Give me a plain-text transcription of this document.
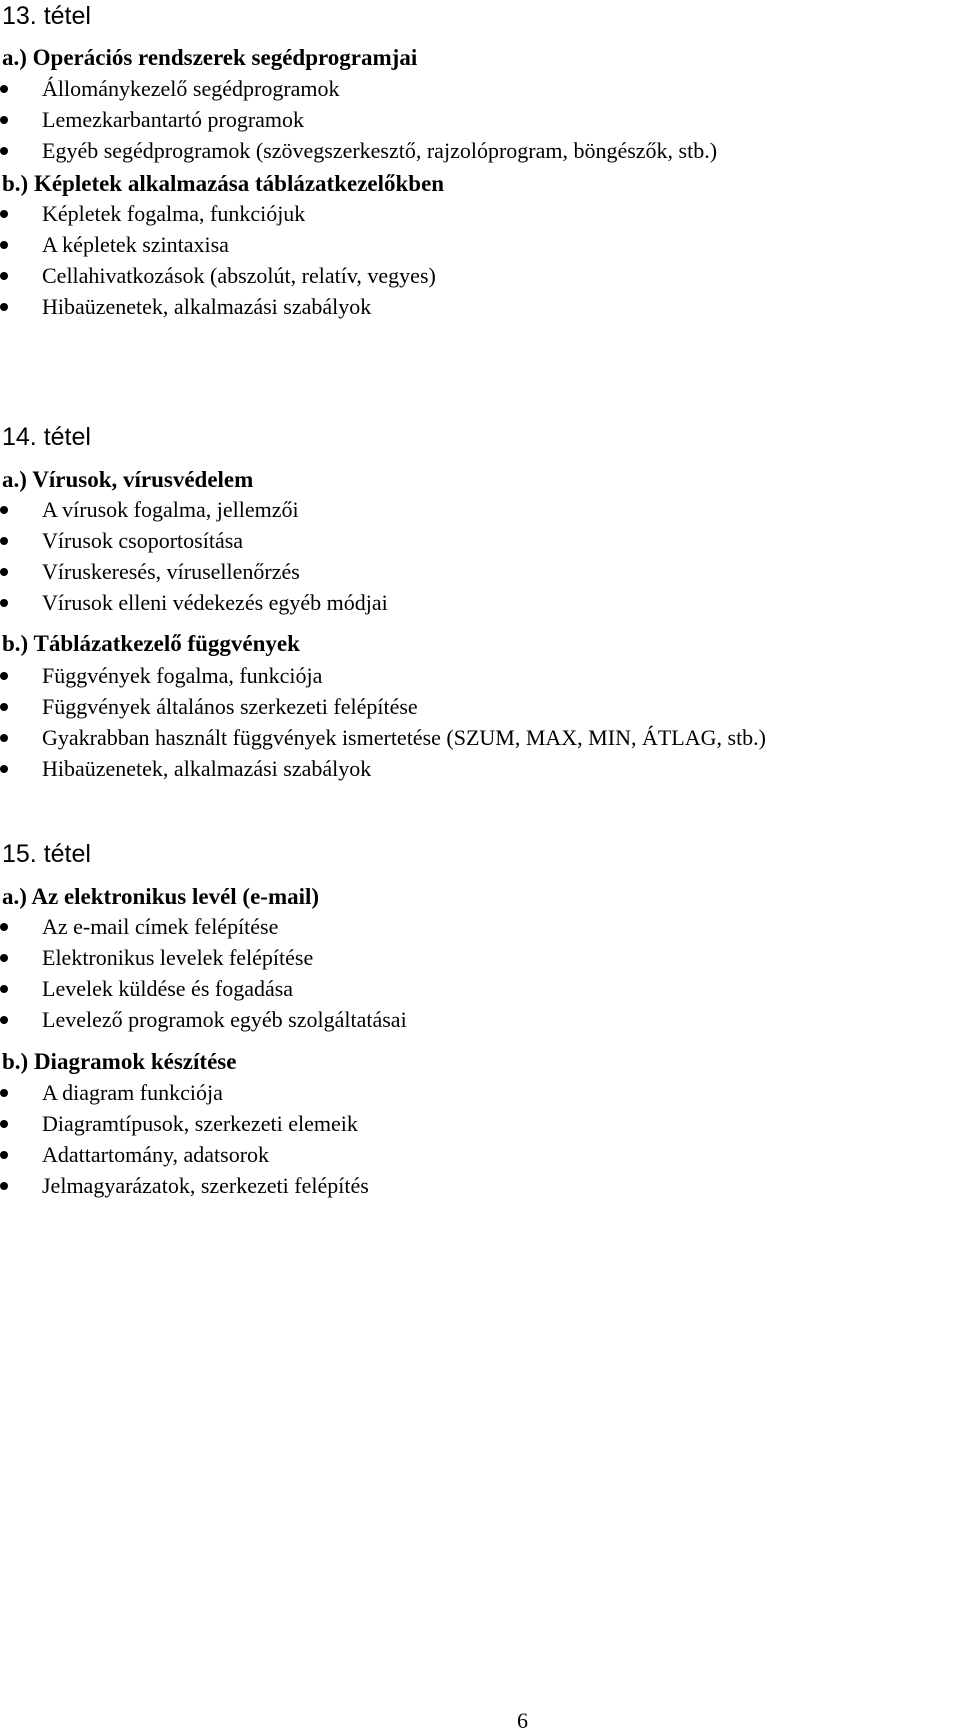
13. tétel
a.) Operációs rendszerek segédprogramjai
Állománykezelő segédprogramok
Lemezkarbantartó programok
Egyéb segédprogramok (szövegszerkesztő, rajzolóprogram, böngészők, stb.)
b.) Képletek alkalmazása táblázatkezelőkben
Képletek fogalma, funkciójuk
A képletek szintaxisa
Cellahivatkozások (abszolút, relatív, vegyes)
Hibaüzenetek, alkalmazási szabályok
14. tétel
a.) Vírusok, vírusvédelem
A vírusok fogalma, jellemzői
Vírusok csoportosítása
Víruskeresés, vírusellenőrzés
Vírusok elleni védekezés egyéb módjai
b.) Táblázatkezelő függvények
Függvények fogalma, funkciója
Függvények általános szerkezeti felépítése
Gyakrabban használt függvények ismertetése (SZUM, MAX, MIN, ÁTLAG, stb.)
Hibaüzenetek, alkalmazási szabályok
15. tétel
a.) Az elektronikus levél (e-mail)
Az e-mail címek felépítése
Elektronikus levelek felépítése
Levelek küldése és fogadása
Levelező programok egyéb szolgáltatásai
b.) Diagramok készítése
A diagram funkciója
Diagramtípusok, szerkezeti elemeik
Adattartomány, adatsorok
Jelmagyarázatok, szerkezeti felépítés
6
